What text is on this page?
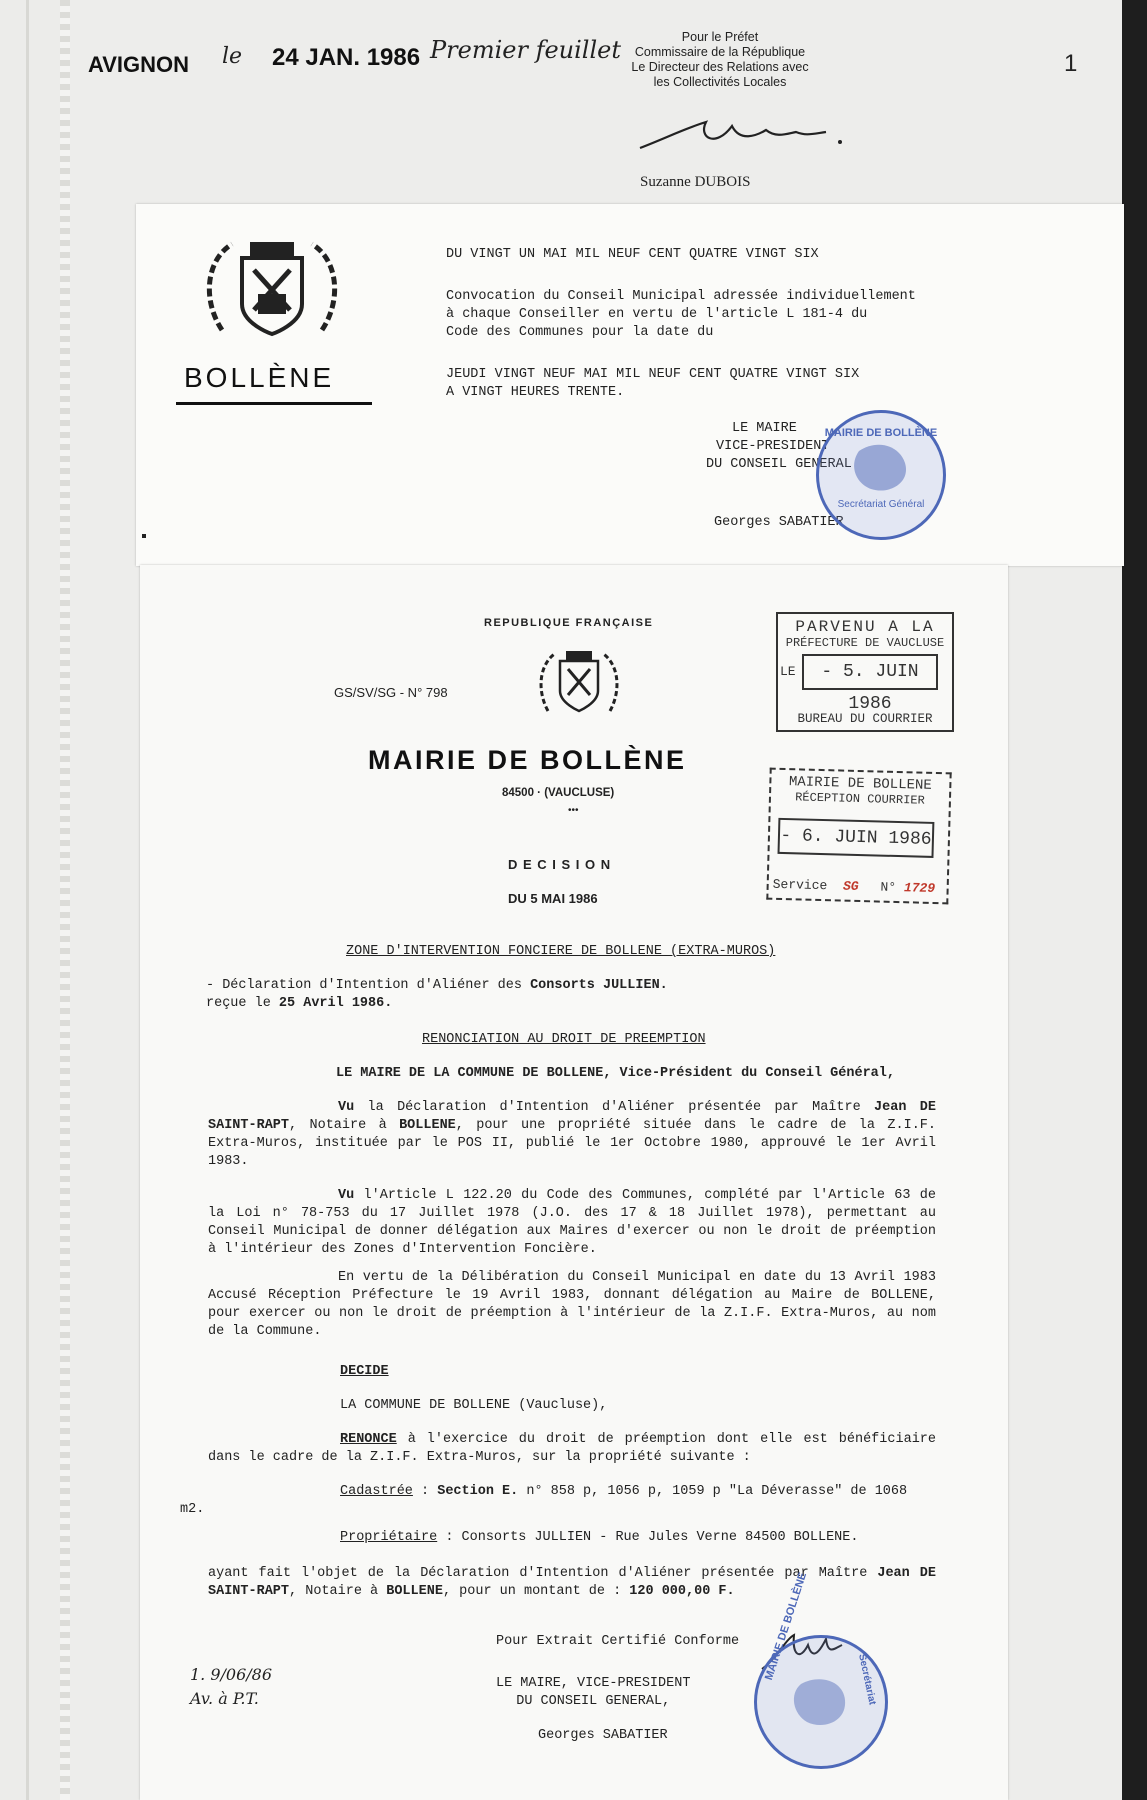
AVIGNON le 24 JAN. 1986 Premier feuillet	Pour le Préfet
Commissaire de la République
Le Directeur des Relations avec
les Collectivités Locales
Suzanne DUBOIS
1
BOLLÈNE
DU VINGT UN MAI MIL NEUF CENT QUATRE VINGT SIX
Convocation du Conseil Municipal adressée individuellement
à chaque Conseiller en vertu de l'article L 181-4 du
Code des Communes pour la date du
JEUDI VINGT NEUF MAI MIL NEUF CENT QUATRE VINGT SIX
A VINGT HEURES TRENTE.
LE MAIRE
VICE-PRESIDENT
DU CONSEIL GENERAL
Georges SABATIER
MAIRIE DE BOLLÈNE
Secrétariat Général
REPUBLIQUE FRANÇAISE
GS/SV/SG - N° 798
MAIRIE DE BOLLÈNE
84500 · (VAUCLUSE)
•••
D E C I S I O N
DU 5 MAI 1986
ZONE D'INTERVENTION FONCIERE DE BOLLENE (EXTRA-MUROS)
- Déclaration d'Intention d'Aliéner des Consorts JULLIEN.
reçue le 25 Avril 1986.
RENONCIATION AU DROIT DE PREEMPTION
LE MAIRE DE LA COMMUNE DE BOLLENE, Vice-Président du Conseil Général,
Vu la Déclaration d'Intention d'Aliéner présentée par Maître Jean DE SAINT-RAPT, Notaire à BOLLENE, pour une propriété située dans le cadre de la Z.I.F. Extra-Muros, instituée par le POS II, publié le 1er Octobre 1980, approuvé le 1er Avril 1983.
Vu l'Article L 122.20 du Code des Communes, complété par l'Article 63 de la Loi n° 78-753 du 17 Juillet 1978 (J.O. des 17 & 18 Juillet 1978), permettant au Conseil Municipal de donner délégation aux Maires d'exercer ou non le droit de préemption à l'intérieur des Zones d'Intervention Foncière.
En vertu de la Délibération du Conseil Municipal en date du 13 Avril 1983 Accusé Réception Préfecture le 19 Avril 1983, donnant délégation au Maire de BOLLENE, pour exercer ou non le droit de préemption à l'intérieur de la Z.I.F. Extra-Muros, au nom de la Commune.
DECIDE
LA COMMUNE DE BOLLENE (Vaucluse),
RENONCE à l'exercice du droit de préemption dont elle est bénéficiaire dans le cadre de la Z.I.F. Extra-Muros, sur la propriété suivante :
Cadastrée : Section E. n° 858 p, 1056 p, 1059 p "La Déverasse" de 1068 m2.
Propriétaire : Consorts JULLIEN - Rue Jules Verne 84500 BOLLENE.
ayant fait l'objet de la Déclaration d'Intention d'Aliéner présentée par Maître Jean DE SAINT-RAPT, Notaire à BOLLENE, pour un montant de : 120 000,00 F.
Pour Extrait Certifié Conforme
LE MAIRE, VICE-PRESIDENT
DU CONSEIL GENERAL,
Georges SABATIER
1. 9/06/86
Av. à P.T.
MAIRIE DE BOLLÈNE	Secrétariat
PARVENU A LA
PRÉFECTURE DE VAUCLUSE
LE	- 5. JUIN 1986
BUREAU DU COURRIER
MAIRIE DE BOLLENE
RÉCEPTION COURRIER
- 6. JUIN 1986
Service SG N° 1729
